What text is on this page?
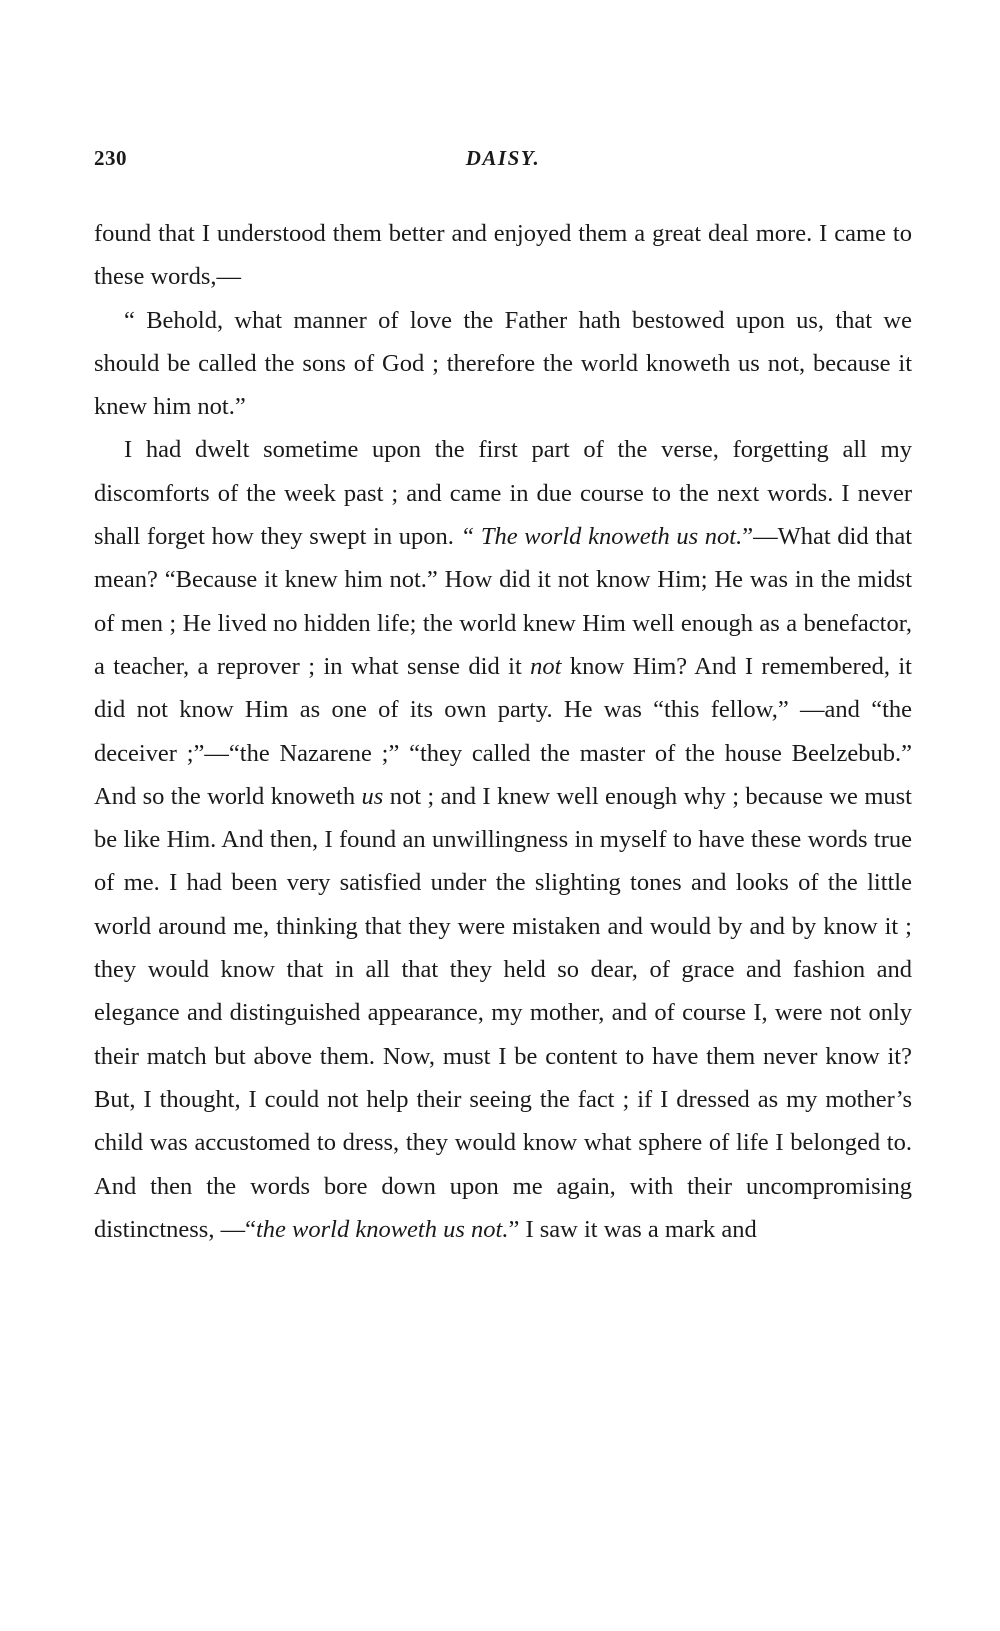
230	DAISY.

found that I understood them better and enjoyed them a great deal more. I came to these words,—

“ Behold, what manner of love the Father hath bestowed upon us, that we should be called the sons of God ; therefore the world knoweth us not, because it knew him not.”

I had dwelt sometime upon the first part of the verse, forgetting all my discomforts of the week past ; and came in due course to the next words. I never shall forget how they swept in upon. “ The world knoweth us not.”—What did that mean? “Because it knew him not.” How did it not know Him; He was in the midst of men ; He lived no hidden life; the world knew Him well enough as a benefactor, a teacher, a reprover ; in what sense did it not know Him? And I remembered, it did not know Him as one of its own party. He was “this fellow,” —and “the deceiver ;”—“the Nazarene ;” “they called the master of the house Beelzebub.” And so the world knoweth us not ; and I knew well enough why ; because we must be like Him. And then, I found an unwillingness in myself to have these words true of me. I had been very satisfied under the slighting tones and looks of the little world around me, thinking that they were mistaken and would by and by know it ; they would know that in all that they held so dear, of grace and fashion and elegance and distinguished appearance, my mother, and of course I, were not only their match but above them. Now, must I be content to have them never know it? But, I thought, I could not help their seeing the fact ; if I dressed as my mother’s child was accustomed to dress, they would know what sphere of life I belonged to. And then the words bore down upon me again, with their uncompromising distinctness, —“the world knoweth us not.” I saw it was a mark and
